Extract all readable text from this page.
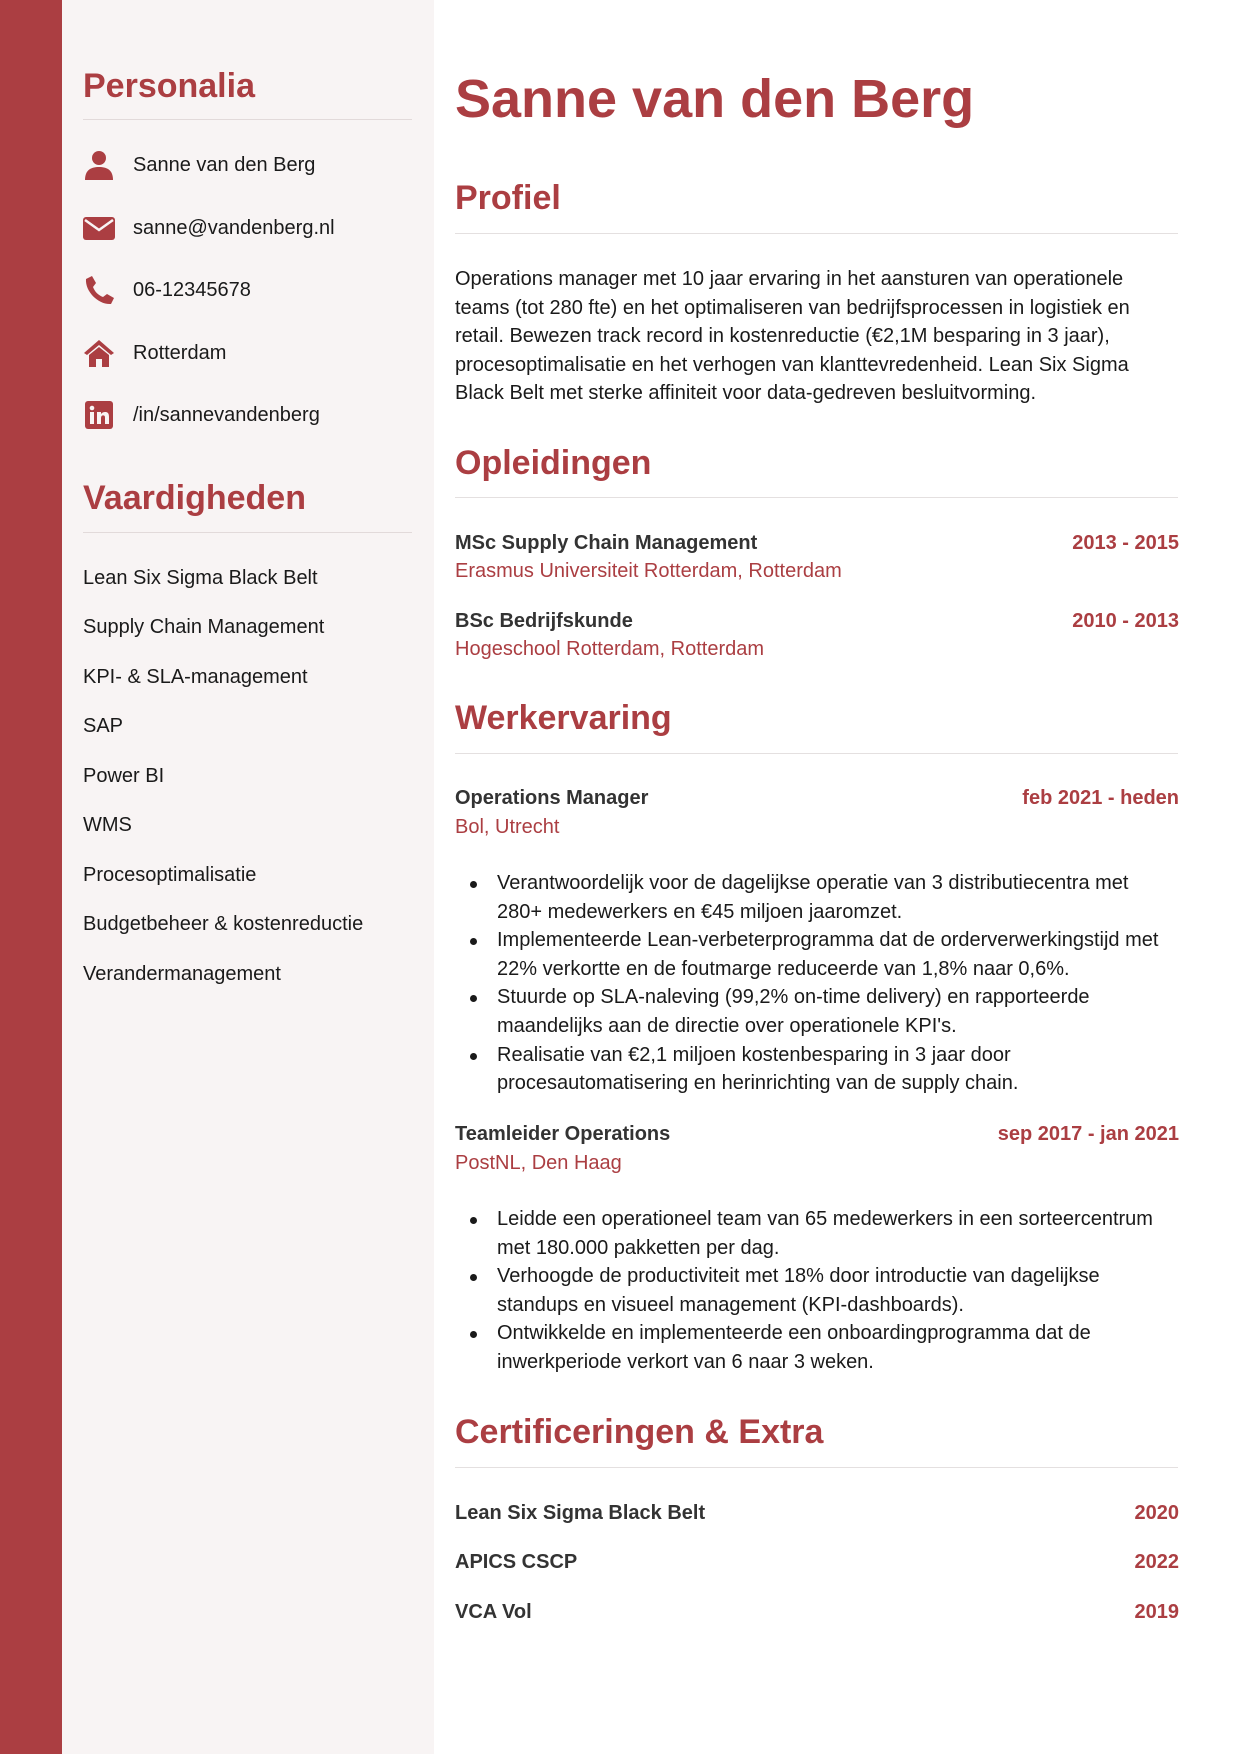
Personalia
Sanne van den Berg
sanne@vandenberg.nl
06-12345678
Rotterdam
/in/sannevandenberg
Vaardigheden
Lean Six Sigma Black Belt
Supply Chain Management
KPI- & SLA-management
SAP
Power BI
WMS
Procesoptimalisatie
Budgetbeheer & kostenreductie
Verandermanagement
Sanne van den Berg
Profiel

Operations manager met 10 jaar ervaring in het aansturen van operationele teams (tot 280 fte) en het optimaliseren van bedrijfsprocessen in logistiek en retail. Bewezen track record in kostenreductie (€2,1M besparing in 3 jaar), procesoptimalisatie en het verhogen van klanttevredenheid. Lean Six Sigma Black Belt met sterke affiniteit voor data-gedreven besluitvorming.

Opleidingen
MSc Supply Chain Management	2013 - 2015
Erasmus Universiteit Rotterdam, Rotterdam
BSc Bedrijfskunde	2010 - 2013
Hogeschool Rotterdam, Rotterdam
Werkervaring
Operations Manager	feb 2021 - heden
Bol, Utrecht
Verantwoordelijk voor de dagelijkse operatie van 3 distributiecentra met 280+ medewerkers en €45 miljoen jaaromzet.
Implementeerde Lean-verbeterprogramma dat de orderverwerkingstijd met 22% verkortte en de foutmarge reduceerde van 1,8% naar 0,6%.
Stuurde op SLA-naleving (99,2% on-time delivery) en rapporteerde maandelijks aan de directie over operationele KPI's.
Realisatie van €2,1 miljoen kostenbesparing in 3 jaar door procesautomatisering en herinrichting van de supply chain.
Teamleider Operations	sep 2017 - jan 2021
PostNL, Den Haag
Leidde een operationeel team van 65 medewerkers in een sorteercentrum met 180.000 pakketten per dag.
Verhoogde de productiviteit met 18% door introductie van dagelijkse standups en visueel management (KPI-dashboards).
Ontwikkelde en implementeerde een onboardingprogramma dat de inwerkperiode verkort van 6 naar 3 weken.
Certificeringen & Extra
Lean Six Sigma Black Belt	2020
APICS CSCP	2022
VCA Vol	2019
